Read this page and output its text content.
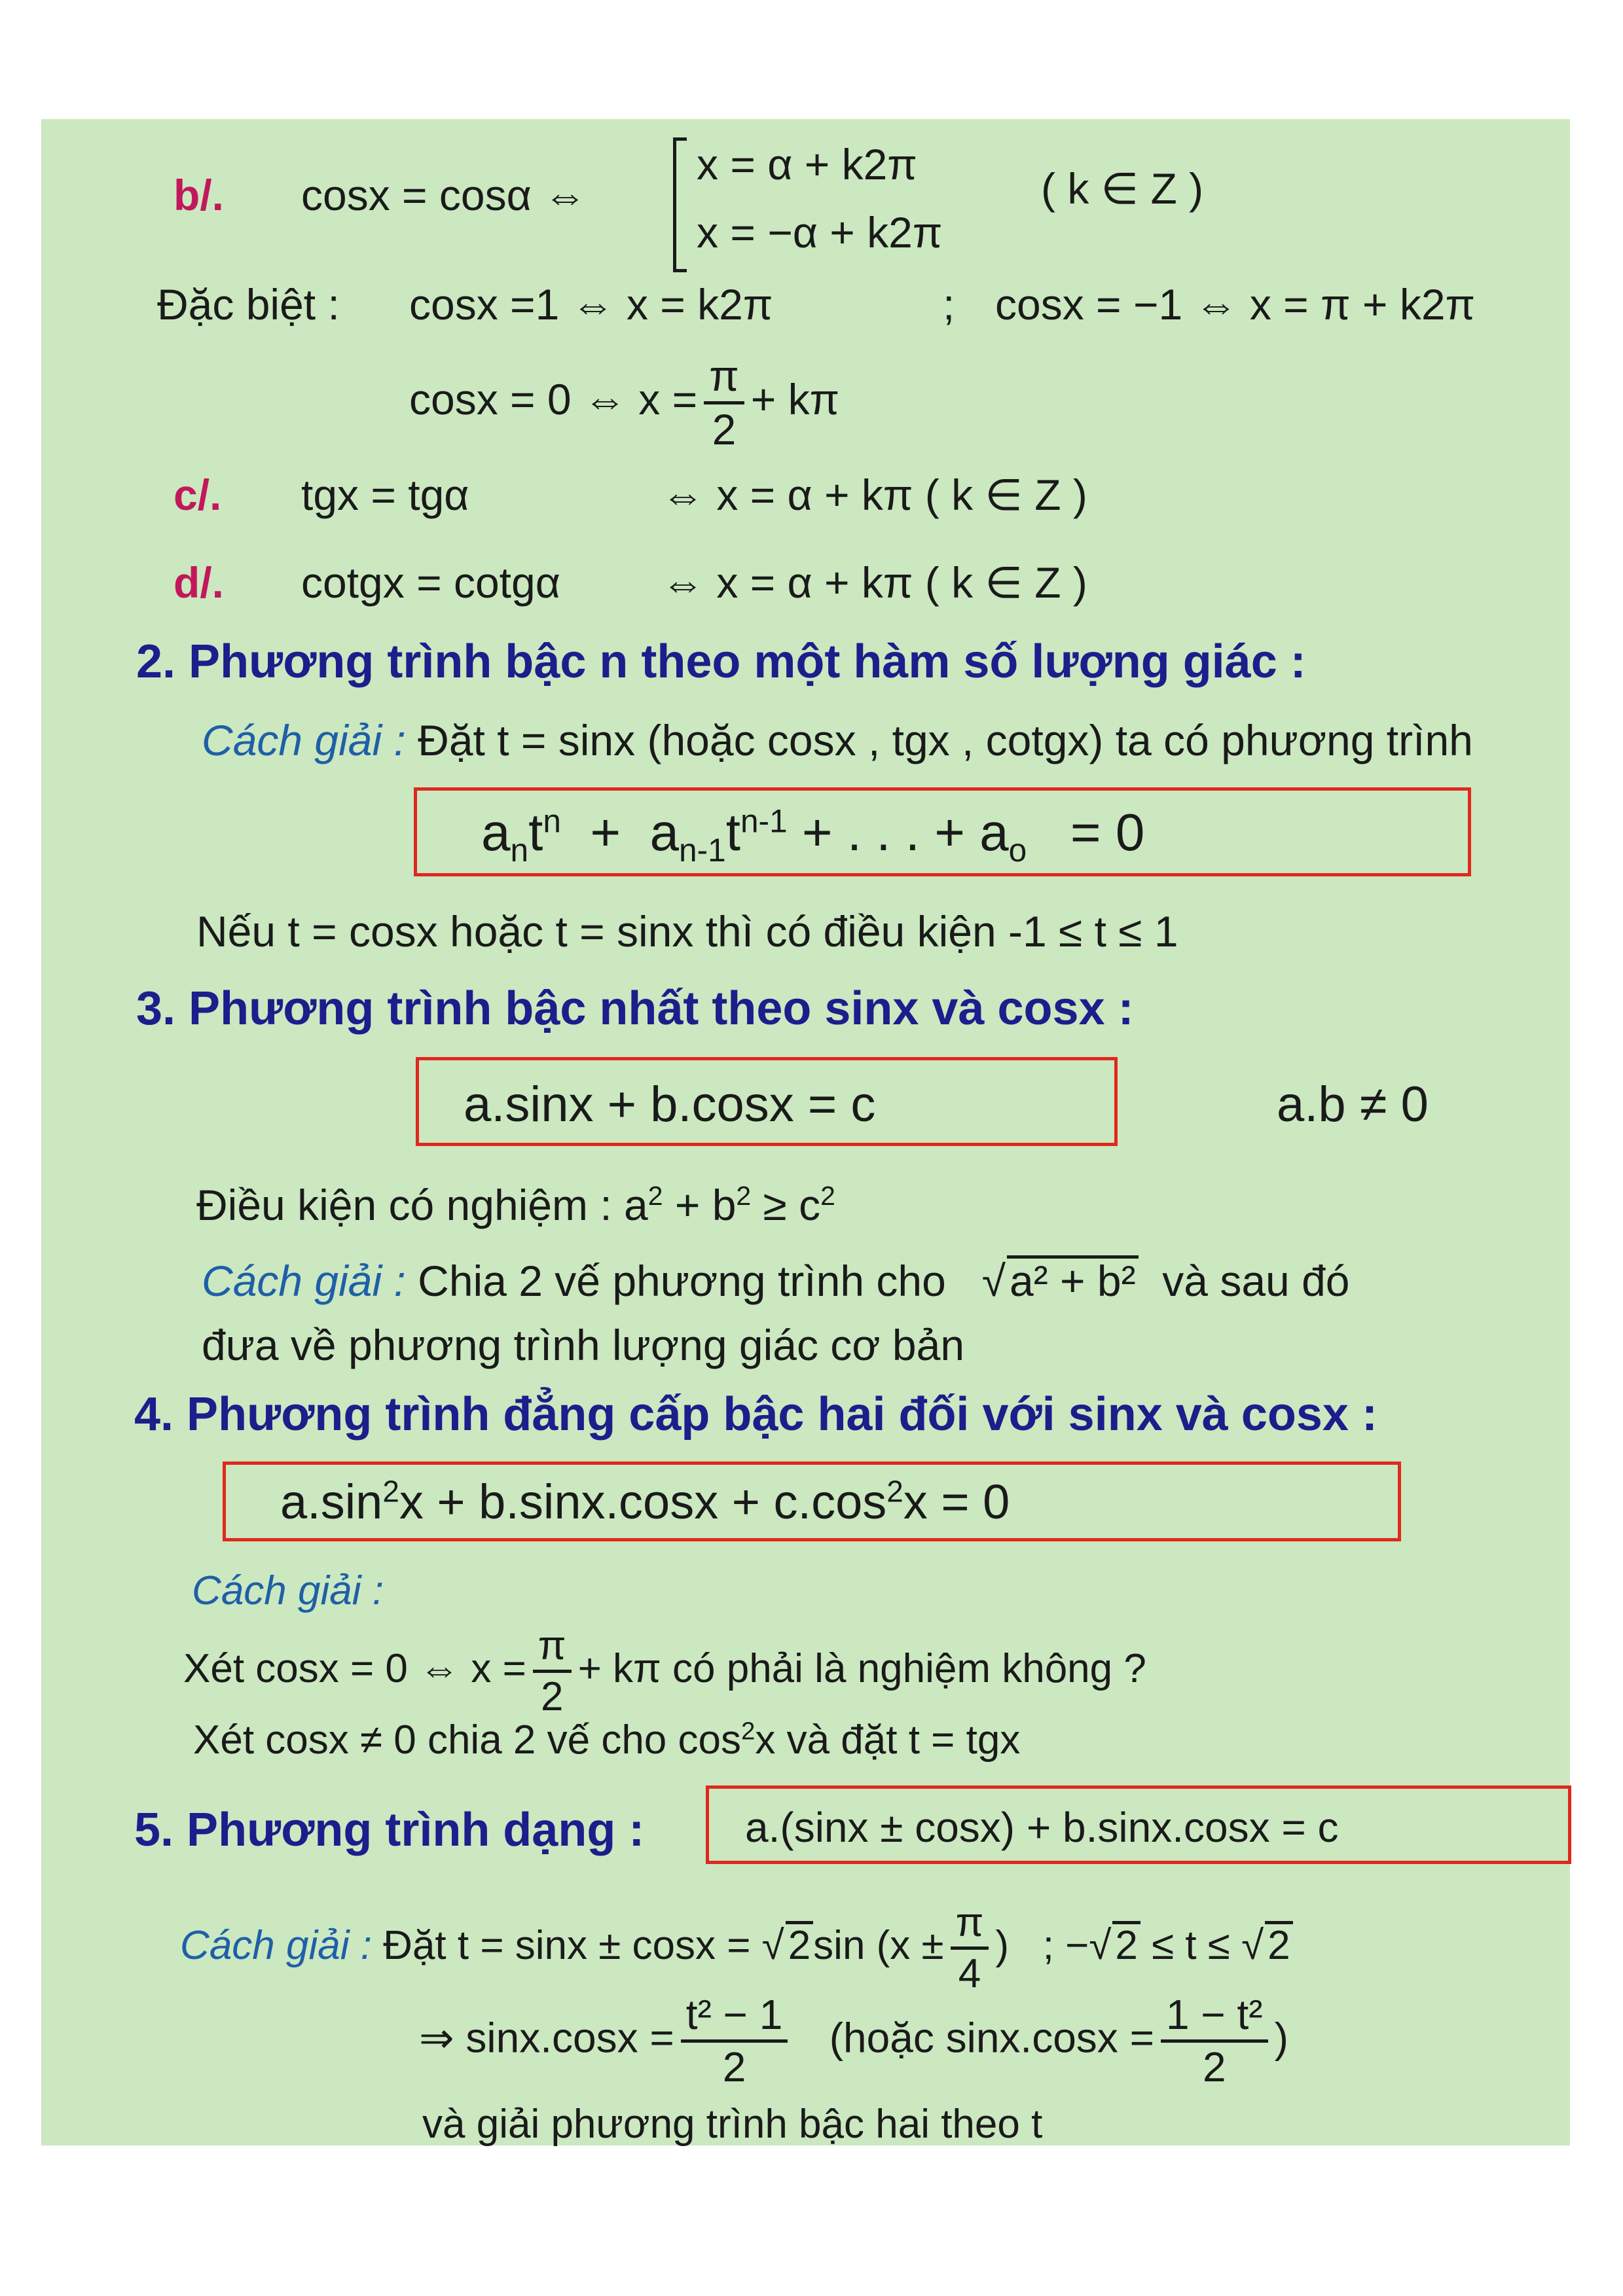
b/. cosx = cosα ⇔
x = α + k2π
x = −α + k2π
( k ∈ Z )
Đặc biệt : cosx =1 ⇔ x = k2π	; cosx = −1 ⇔ x = π + k2π
cosx = 0 ⇔ $x = \frac{\pi}{2} + k\pi$
c/. tgx = tgα	⇔ x = α + kπ ( k ∈ Z )
d/. cotgx = cotgα ⇔ x = α + kπ ( k ∈ Z )
2. Phương trình bậc n theo một hàm số lượng giác :
Cách giải : Đặt t = sinx (hoặc cosx , tgx , cotgx) ta có phương trình
$a_nt^n + a_{n-1}t^{n-1}$ + . . . + $a_o = 0$
Nếu t = cosx hoặc t = sinx thì có điều kiện -1 ≤ t ≤ 1
3. Phương trình bậc nhất theo sinx và cosx :
a.sinx + b.cosx = c	a.b ≠ 0
Điều kiện có nghiệm : $a^2 + b^2 \ge c^2$
Cách giải : Chia 2 vế phương trình cho   √a² + b² và sau đó
đưa về phương trình lượng giác cơ bản
4. Phương trình đẳng cấp bậc hai đối với sinx và cosx :
$a.\sin^2x + b.\sin x.\cos x + c.\cos^2x = 0$
Cách giải :
Xét cosx = 0 ⇔ $x = \frac{\pi}{2} + k\pi$ có phải là nghiệm không ?
Xét cosx ≠ 0 chia 2 vế cho $\cos^2x$ và đặt t = tgx
5. Phương trình dạng : a.(sinx ± cosx) + b.sinx.cosx = c
Cách giải : Đặt t = sinx ± cosx = √2sin ($x \pm \frac{\pi}{4}$ ) ; −√2 ≤ t ≤ √2
⇒ $\sin x.\cos x = \frac{\text{t² − 1}}{2}$ (hoặc $\sin x.\cos x = \frac{\text{1 − t²}}{2}$ )
và giải phương trình bậc hai theo t
